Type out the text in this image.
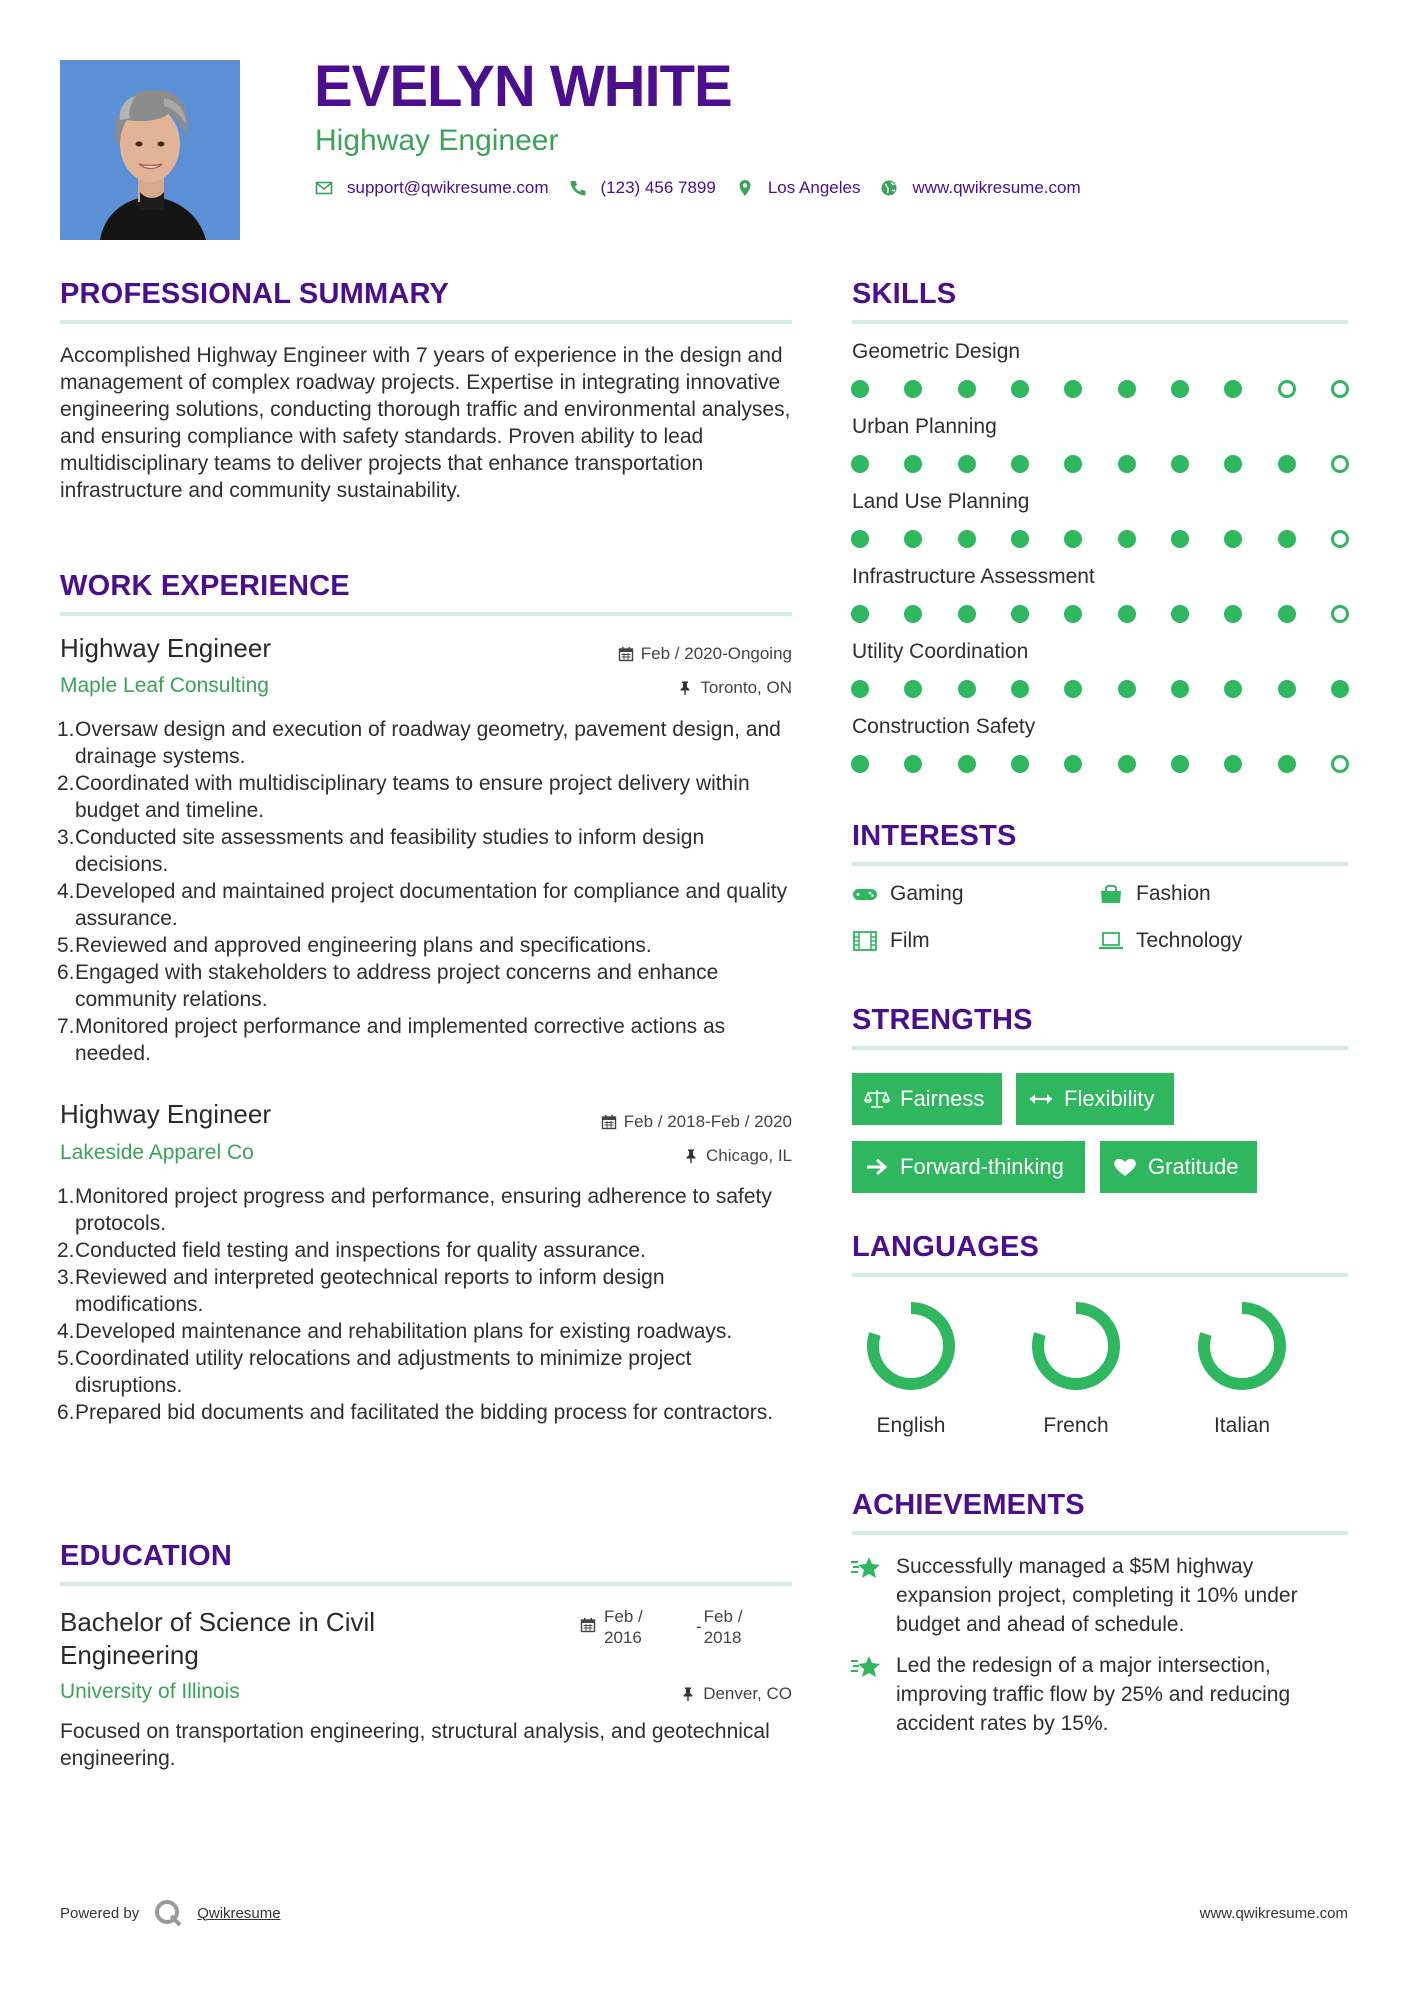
EVELYN WHITE
Highway Engineer
support@qwikresume.com	(123) 456 7899	Los Angeles	www.qwikresume.com
PROFESSIONAL SUMMARY
Accomplished Highway Engineer with 7 years of experience in the design and management of complex roadway projects. Expertise in integrating innovative engineering solutions, conducting thorough traffic and environmental analyses, and ensuring compliance with safety standards. Proven ability to lead multidisciplinary teams to deliver projects that enhance transportation infrastructure and community sustainability.
WORK EXPERIENCE
Highway Engineer	Feb / 2020-Ongoing
Maple Leaf Consulting	Toronto, ON
1. Oversaw design and execution of roadway geometry, pavement design, and drainage systems.
2. Coordinated with multidisciplinary teams to ensure project delivery within budget and timeline.
3. Conducted site assessments and feasibility studies to inform design decisions.
4. Developed and maintained project documentation for compliance and quality assurance.
5. Reviewed and approved engineering plans and specifications.
6. Engaged with stakeholders to address project concerns and enhance community relations.
7. Monitored project performance and implemented corrective actions as needed.
Highway Engineer	Feb / 2018-Feb / 2020
Lakeside Apparel Co	Chicago, IL
1. Monitored project progress and performance, ensuring adherence to safety protocols.
2. Conducted field testing and inspections for quality assurance.
3. Reviewed and interpreted geotechnical reports to inform design modifications.
4. Developed maintenance and rehabilitation plans for existing roadways.
5. Coordinated utility relocations and adjustments to minimize project disruptions.
6. Prepared bid documents and facilitated the bidding process for contractors.
EDUCATION
Bachelor of Science in Civil Engineering
Feb / 2016
-
Feb / 2018
University of Illinois	Denver, CO
Focused on transportation engineering, structural analysis, and geotechnical engineering.
SKILLS
Geometric Design
Urban Planning
Land Use Planning
Infrastructure Assessment
Utility Coordination
Construction Safety
INTERESTS
Gaming	Fashion
Film	Technology
STRENGTHS
Fairness	Flexibility
Forward-thinking	Gratitude
LANGUAGES
English	French	Italian
ACHIEVEMENTS
Successfully managed a $5M highway expansion project, completing it 10% under budget and ahead of schedule.
Led the redesign of a major intersection, improving traffic flow by 25% and reducing accident rates by 15%.
Powered by	Qwikresume	www.qwikresume.com
